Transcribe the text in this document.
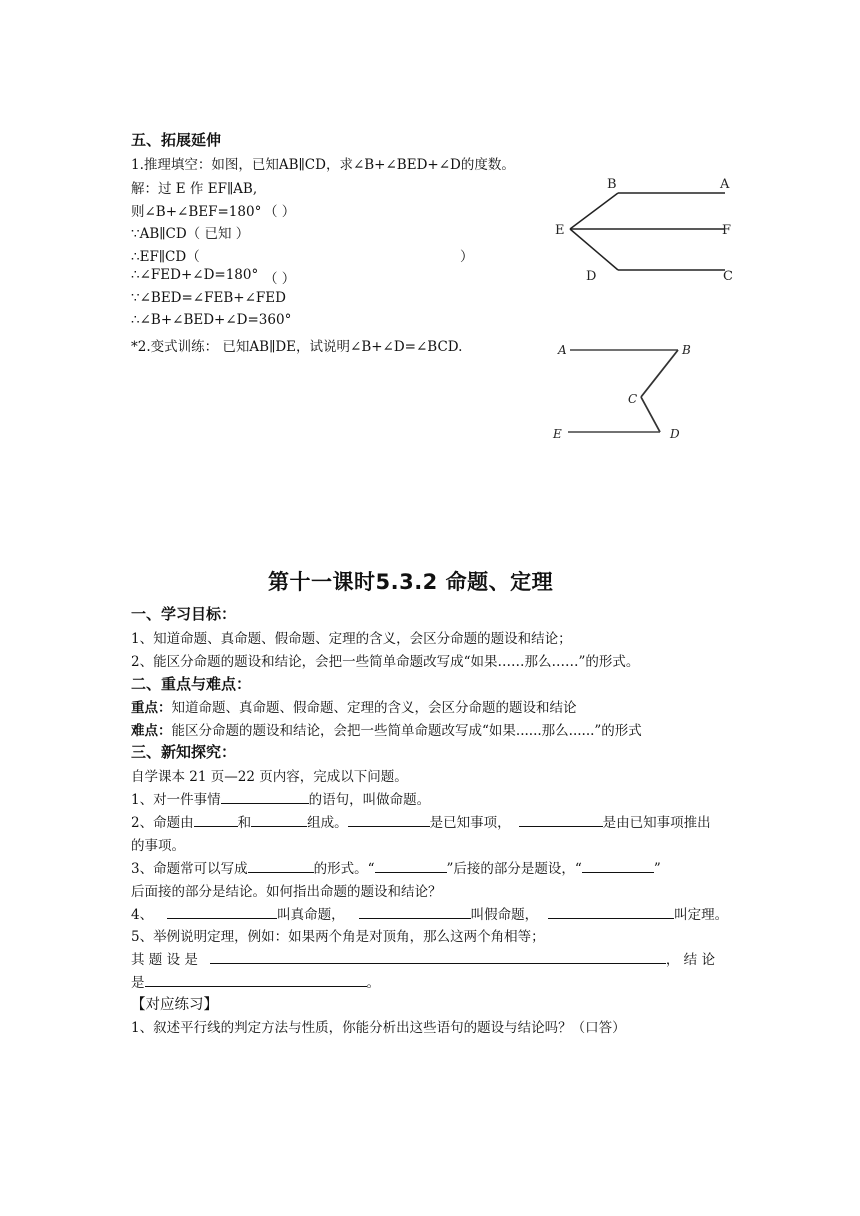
五、拓展延伸
1.推理填空：如图，已知AB∥CD，求∠B+∠BED+∠D的度数。
解：过 E 作 EF∥AB,
则∠B+∠BEF=180° （ ）
∵AB∥CD（ 已知 ）
∴EF∥CD（	）
∴∠FED+∠D=180° （ ）
∵∠BED=∠FEB+∠FED
∴∠B+∠BED+∠D=360°
*2.变式训练： 已知AB∥DE，试说明∠B+∠D=∠BCD.
B	A
E	F
D	C
A	B
C
E	D
第十一课时5.3.2 命题、定理
一、学习目标：
1、知道命题、真命题、假命题、定理的含义，会区分命题的题设和结论；
2、能区分命题的题设和结论，会把一些简单命题改写成“如果……那么……”的形式。
二、重点与难点：
重点：知道命题、真命题、假命题、定理的含义，会区分命题的题设和结论
难点：能区分命题的题设和结论，会把一些简单命题改写成“如果......那么......”的形式
三、新知探究：
自学课本 21 页—22 页内容，完成以下问题。
1、对一件事情	的语句，叫做命题。
2、命题由	和	组成。	是已知事项，	是由已知事项推出
的事项。
3、命题常可以写成	的形式。“	”后接的部分是题设，“	”
后面接的部分是结论。如何指出命题的题设和结论？
4、	叫真命题，	叫假命题，	叫定理。
5、举例说明定理，例如：如果两个角是对顶角，那么这两个角相等；
其 题 设 是	， 结 论
是	。
【对应练习】
1、叙述平行线的判定方法与性质，你能分析出这些语句的题设与结论吗？（口答）
